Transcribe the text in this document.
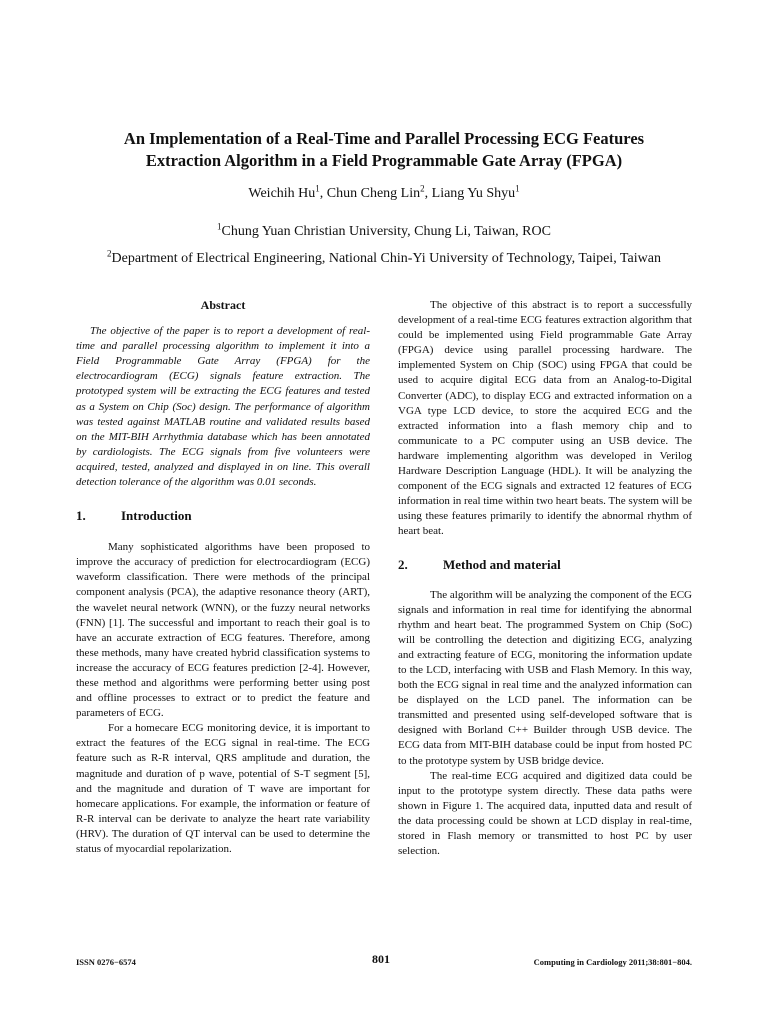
An Implementation of a Real-Time and Parallel Processing ECG Features
Extraction Algorithm in a Field Programmable Gate Array (FPGA)
Weichih Hu$^1$, Chun Cheng Lin$^2$, Liang Yu Shyu$^1$
$^1$Chung Yuan Christian University, Chung Li, Taiwan, ROC
$^2$Department of Electrical Engineering, National Chin-Yi University of Technology, Taipei, Taiwan
Abstract

The objective of the paper is to report a development of real-time and parallel processing algorithm to implement it into a Field Programmable Gate Array (FPGA) for the electrocardiogram (ECG) signals feature extraction. The prototyped system will be extracting the ECG features and tested as a System on Chip (Soc) design. The performance of algorithm was tested against MATLAB routine and validated results based on the MIT-BIH Arrhythmia database which has been annotated by cardiologists. The ECG signals from five volunteers were acquired, tested, analyzed and displayed in on line. This overall detection tolerance of the algorithm was 0.01 seconds.

1.	Introduction

Many sophisticated algorithms have been proposed to improve the accuracy of prediction for electrocardiogram (ECG) waveform classification. There were methods of the principal component analysis (PCA), the adaptive resonance theory (ART), the wavelet neural network (WNN), or the fuzzy neural networks (FNN) [1]. The successful and important to reach their goal is to have an accurate extraction of ECG features. Therefore, among these methods, many have created hybrid classification systems to increase the accuracy of ECG features prediction [2-4]. However, these method and algorithms were performing better using post and offline processes to extract or to predict the feature and parameters of ECG.

For a homecare ECG monitoring device, it is important to extract the features of the ECG signal in real-time. The ECG feature such as R-R interval, QRS amplitude and duration, the magnitude and duration of p wave, potential of S-T segment [5], and the magnitude and duration of T wave are important for homecare applications. For example, the information or feature of R-R interval can be derivate to analyze the heart rate variability (HRV). The duration of QT interval can be used to determine the status of myocardial repolarization.

The objective of this abstract is to report a successfully development of a real-time ECG features extraction algorithm that could be implemented using Field programmable Gate Array (FPGA) device using parallel processing hardware. The implemented System on Chip (SOC) using FPGA that could be used to acquire digital ECG data from an Analog-to-Digital Converter (ADC), to display ECG and extracted information on a VGA type LCD device, to store the acquired ECG and the extracted information into a flash memory chip and to communicate to a PC computer using an USB device. The hardware implementing algorithm was developed in Verilog Hardware Description Language (HDL). It will be analyzing the component of the ECG signals and extracted 12 features of ECG information in real time within two heart beats. The system will be using these features primarily to identify the abnormal rhythm of heart beat.

2.	Method and material

The algorithm will be analyzing the component of the ECG signals and information in real time for identifying the abnormal rhythm and heart beat. The programmed System on Chip (SoC) will be controlling the detection and digitizing ECG, analyzing and extracting feature of ECG, monitoring the information update to the LCD, interfacing with USB and Flash Memory. In this way, both the ECG signal in real time and the analyzed information can be displayed on the LCD panel. The information can be transmitted and presented using self-developed software that is designed with Borland C++ Builder through USB device. The ECG data from MIT-BIH database could be input from hosted PC to the prototype system by USB bridge device.

The real-time ECG acquired and digitized data could be input to the prototype system directly. These data paths were shown in Figure 1. The acquired data, inputted data and result of the data processing could be shown at LCD display in real-time, stored in Flash memory or transmitted to host PC by user selection.

ISSN 0276−6574	801	Computing in Cardiology 2011;38:801−804.
